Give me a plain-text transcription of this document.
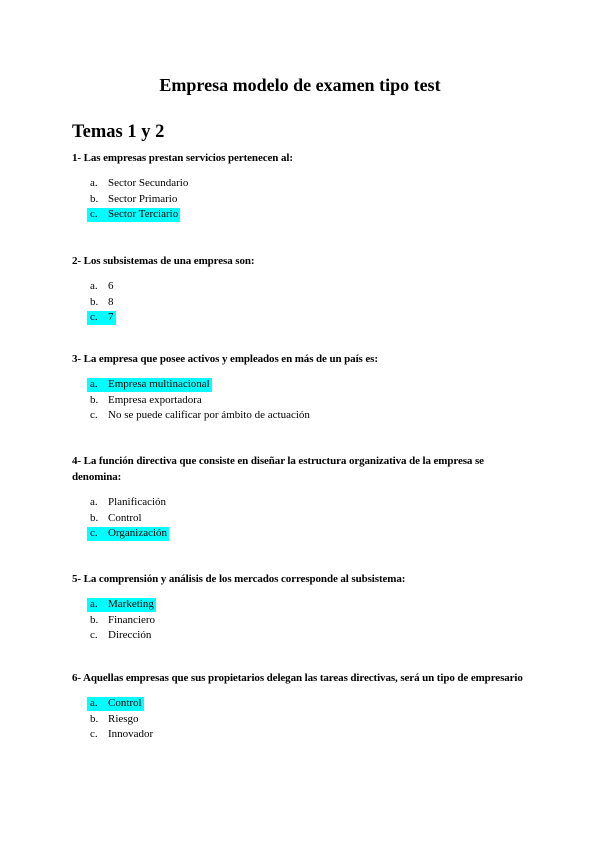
Empresa modelo de examen tipo test
Temas 1 y 2

1- Las empresas prestan servicios pertenecen al:

a. Sector Secundario
b. Sector Primario
c. Sector Terciario

2- Los subsistemas de una empresa son:

a. 6
b. 8
c. 7

3- La empresa que posee activos y empleados en más de un país es:

a. Empresa multinacional
b. Empresa exportadora
c. No se puede calificar por ámbito de actuación

4- La función directiva que consiste en diseñar la estructura organizativa de la empresa se denomina:

a. Planificación
b. Control
c. Organización

5- La comprensión y análisis de los mercados corresponde al subsistema:

a. Marketing
b. Financiero
c. Dirección

6- Aquellas empresas que sus propietarios delegan las tareas directivas, será un tipo de empresario

a. Control
b. Riesgo
c. Innovador
